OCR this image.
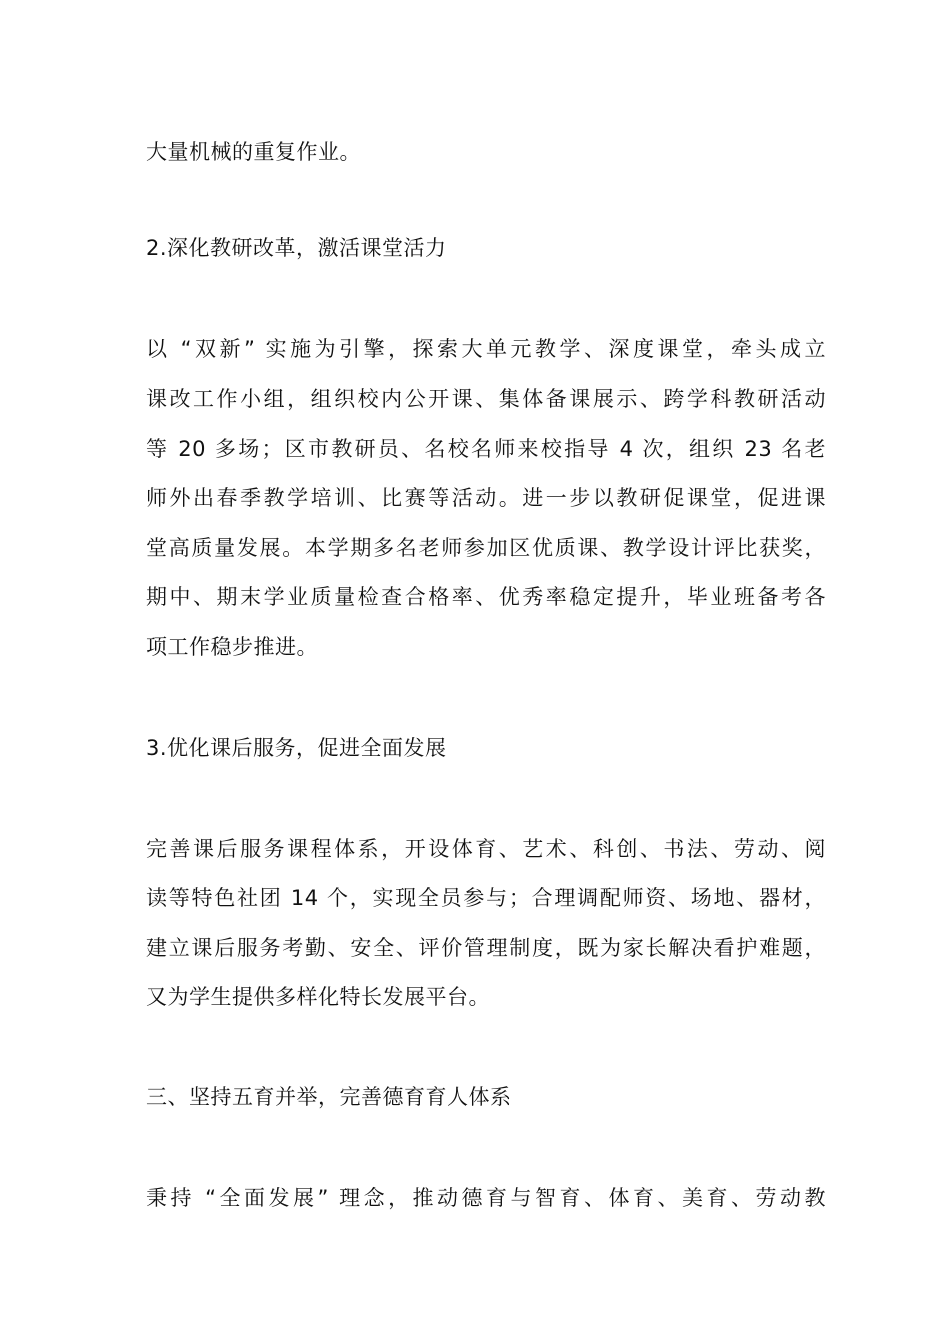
大量机械的重复作业。
2.深化教研改革，激活课堂活力
以 “双新” 实施为引擎，探索大单元教学、深度课堂，牵头成立
课改工作小组，组织校内公开课、集体备课展示、跨学科教研活动
等 20 多场；区市教研员、名校名师来校指导 4 次，组织 23 名老
师外出春季教学培训、比赛等活动。进一步以教研促课堂，促进课
堂高质量发展。本学期多名老师参加区优质课、教学设计评比获奖，
期中、期末学业质量检查合格率、优秀率稳定提升，毕业班备考各
项工作稳步推进。
3.优化课后服务，促进全面发展
完善课后服务课程体系，开设体育、艺术、科创、书法、劳动、阅
读等特色社团 14 个，实现全员参与；合理调配师资、场地、器材，
建立课后服务考勤、安全、评价管理制度，既为家长解决看护难题，
又为学生提供多样化特长发展平台。
三、坚持五育并举，完善德育育人体系
秉持 “全面发展” 理念，推动德育与智育、体育、美育、劳动教
